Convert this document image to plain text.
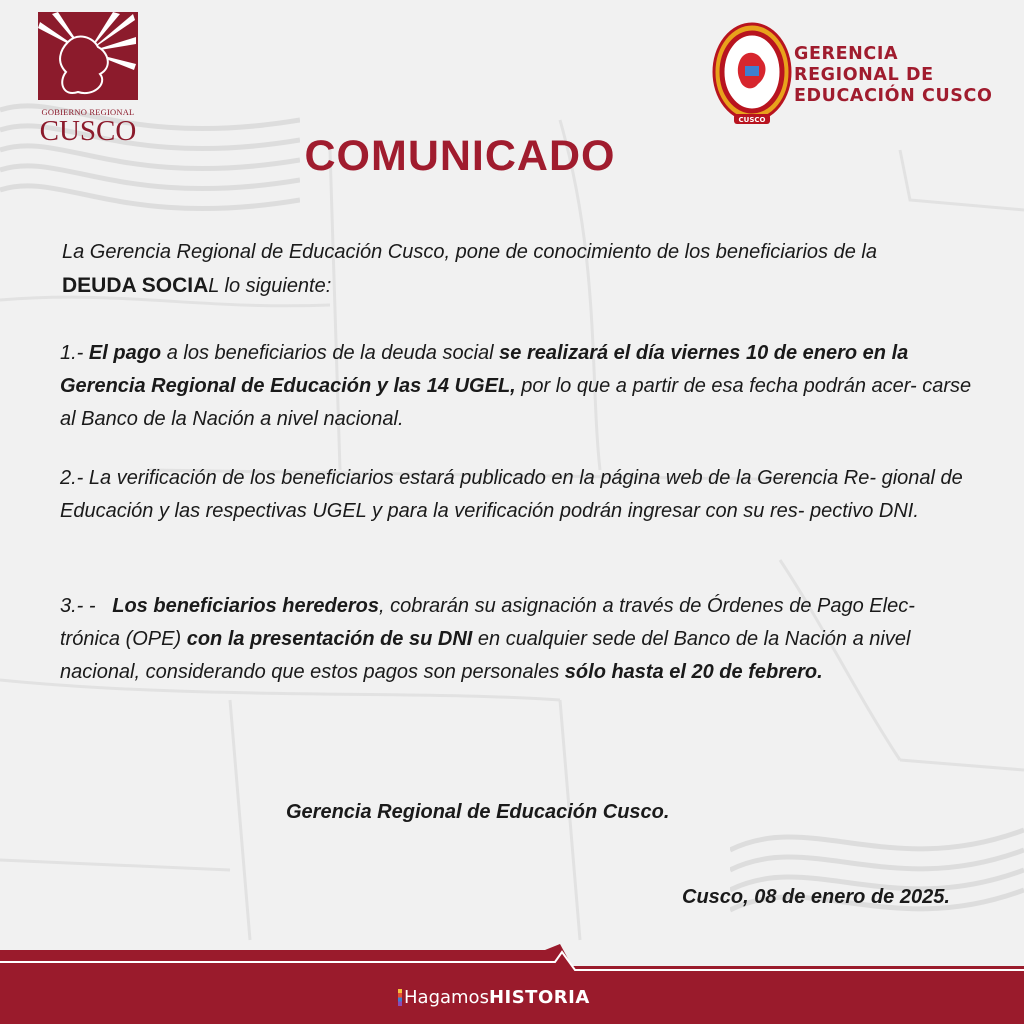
GOBIERNO REGIONAL
CUSCO	CUSCO
GERENCIA
REGIONAL DE
EDUCACIÓN CUSCO
COMUNICADO
La Gerencia Regional de Educación Cusco, pone de conocimiento de los beneficiarios de la
DEUDA SOCIAL lo siguiente:
1.- El pago a los beneficiarios de la deuda social se realizará el día viernes 10 de enero en la Gerencia Regional de Educación y las 14 UGEL, por lo que a partir de esa fecha podrán acer- carse al Banco de la Nación a nivel nacional.
2.- La verificación de los beneficiarios estará publicado en la página web de la Gerencia Re- gional de Educación y las respectivas UGEL y para la verificación podrán ingresar con su res- pectivo DNI.
3.- -   Los beneficiarios herederos, cobrarán su asignación a través de Órdenes de Pago Elec- trónica (OPE) con la presentación de su DNI en cualquier sede del Banco de la Nación a nivel nacional, considerando que estos pagos son personales sólo hasta el 20 de febrero.
Gerencia Regional de Educación Cusco.
Cusco, 08 de enero de 2025.
Hagamos HISTORIA
